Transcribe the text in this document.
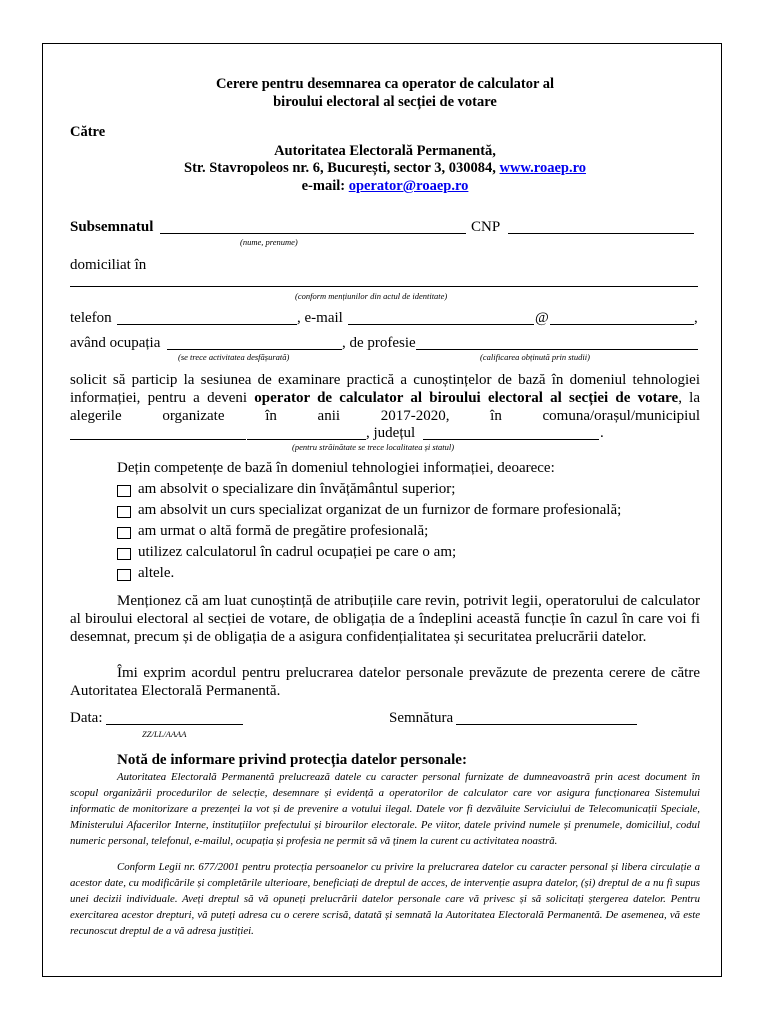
Cerere pentru desemnarea ca operator de calculator al
biroului electoral al secției de votare
Către
Autoritatea Electorală Permanentă,
Str. Stavropoleos nr. 6, București, sector 3, 030084, www.roaep.ro
e-mail: operator@roaep.ro
Subsemnatul	CNP
(nume, prenume)
domiciliat în
(conform mențiunilor din actul de identitate)
telefon	, e-mail	@	,
având ocupația	, de profesie
(se trece activitatea desfășurată)	(calificarea obținută prin studii)
solicit să particip la sesiunea de examinare practică a cunoștințelor de bază în domeniul tehnologiei informației, pentru a deveni operator de calculator al biroului electoral al secției de votare, la alegerile organizate în anii 2017-2020, în comuna/orașul/municipiul
, județul	.
(pentru străinătate se trece localitatea și statul)
Dețin competențe de bază în domeniul tehnologiei informației, deoarece:
am absolvit o specializare din învățământul superior;
am absolvit un curs specializat organizat de un furnizor de formare profesională;
am urmat o altă formă de pregătire profesională;
utilizez calculatorul în cadrul ocupației pe care o am;
altele.
Menționez că am luat cunoștință de atribuțiile care revin, potrivit legii, operatorului de calculator al biroului electoral al secției de votare, de obligația de a îndeplini această funcție în cazul în care voi fi desemnat, precum și de obligația de a asigura confidențialitatea și securitatea prelucrării datelor.
Îmi exprim acordul pentru prelucrarea datelor personale prevăzute de prezenta cerere de către Autoritatea Electorală Permanentă.
Data:
ZZ/LL/AAAA
Semnătura
Notă de informare privind protecția datelor personale:
Autoritatea Electorală Permanentă prelucrează datele cu caracter personal furnizate de dumneavoastră prin acest document în scopul organizării procedurilor de selecție, desemnare și evidență a operatorilor de calculator care vor asigura funcționarea Sistemului informatic de monitorizare a prezenței la vot și de prevenire a votului ilegal. Datele vor fi dezvăluite Serviciului de Telecomunicații Speciale, Ministerului Afacerilor Interne, instituțiilor prefectului și birourilor electorale. Pe viitor, datele privind numele și prenumele, domiciliul, codul numeric personal, telefonul, e-mailul, ocupația și profesia ne permit să vă ținem la curent cu activitatea noastră.
Conform Legii nr. 677/2001 pentru protecția persoanelor cu privire la prelucrarea datelor cu caracter personal și libera circulație a acestor date, cu modificările și completările ulterioare, beneficiați de dreptul de acces, de intervenție asupra datelor, (și) dreptul de a nu fi supus unei decizii individuale. Aveți dreptul să vă opuneți prelucrării datelor personale care vă privesc și să solicitați ștergerea datelor. Pentru exercitarea acestor drepturi, vă puteți adresa cu o cerere scrisă, datată și semnată la Autoritatea Electorală Permanentă. De asemenea, vă este recunoscut dreptul de a vă adresa justiției.
